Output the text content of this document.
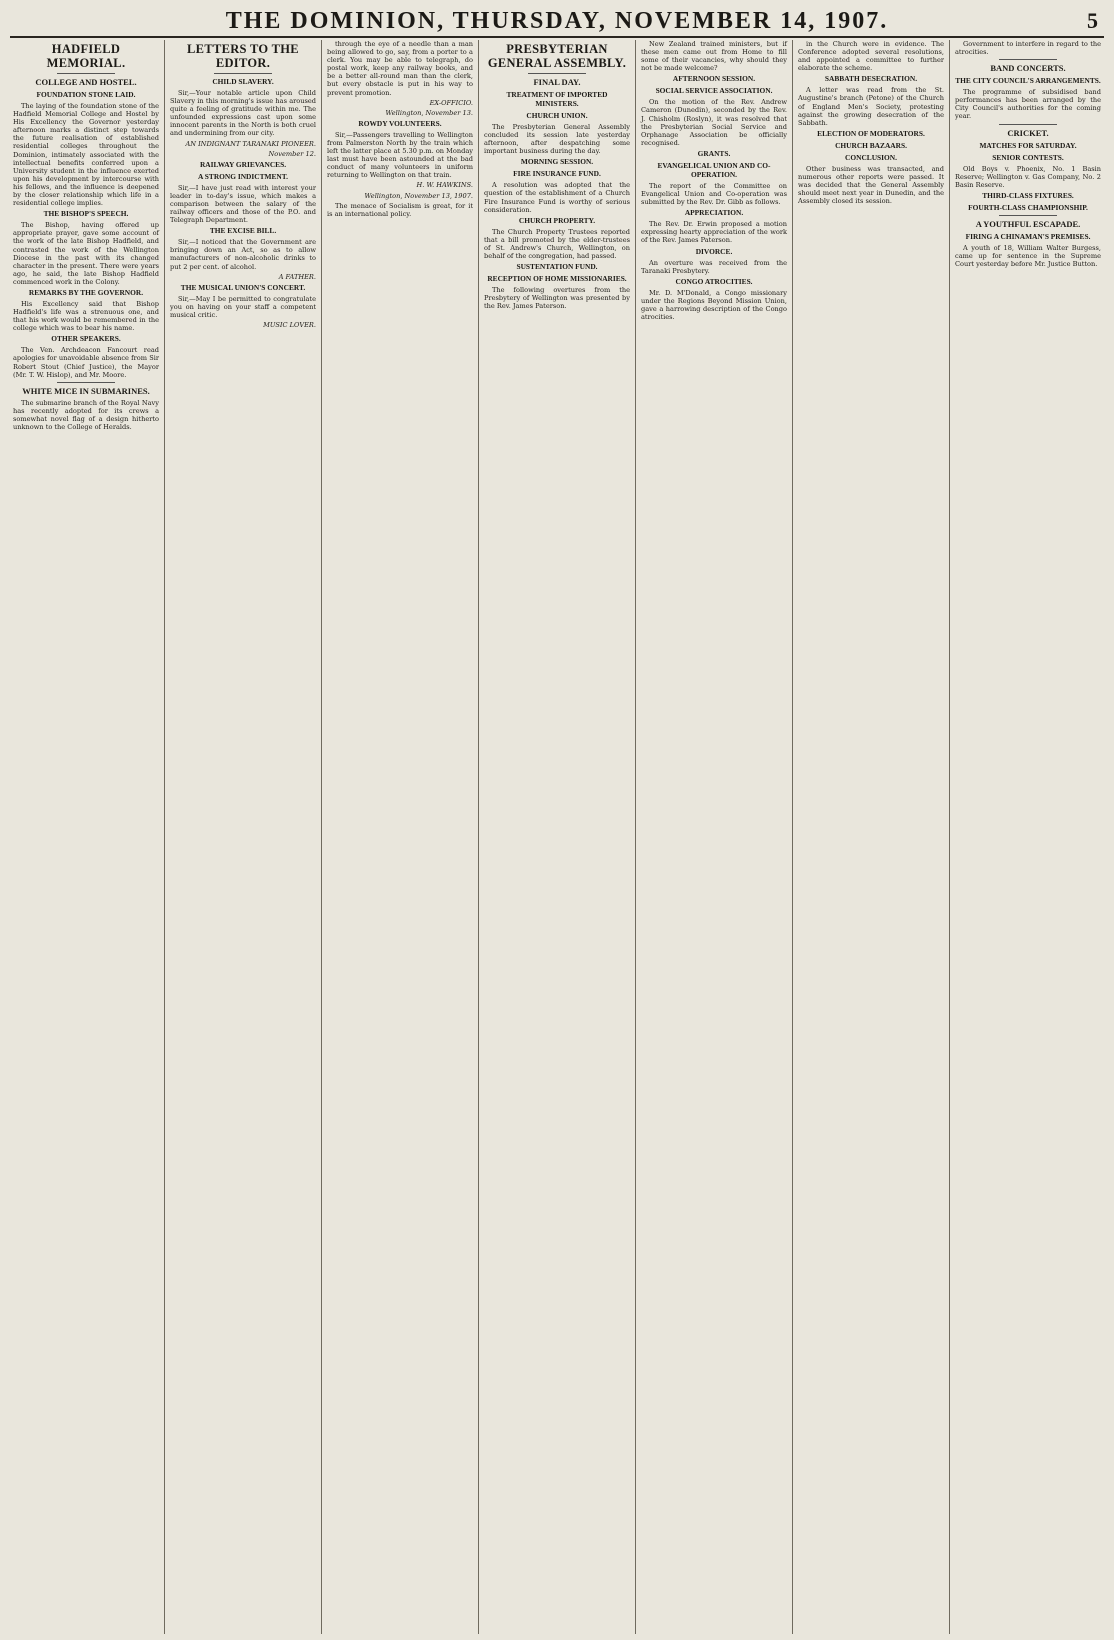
THE DOMINION, THURSDAY, NOVEMBER 14, 1907.	5
HADFIELD MEMORIAL.
COLLEGE AND HOSTEL.
FOUNDATION STONE LAID.

The laying of the foundation stone of the Hadfield Memorial College and Hostel by His Excellency the Governor yesterday afternoon marks a distinct step towards the future realisation of established residential colleges throughout the Dominion, intimately associated with the intellectual benefits conferred upon a University student in the influence exerted upon his development by intercourse with his fellows, and the influence is deepened by the closer relationship which life in a residential college implies.

THE BISHOP'S SPEECH.

The Bishop, having offered up appropriate prayer, gave some account of the work of the late Bishop Hadfield, and contrasted the work of the Wellington Diocese in the past with its changed character in the present. There were years ago, he said, the late Bishop Hadfield commenced work in the Colony.

REMARKS BY THE GOVERNOR.

His Excellency said that Bishop Hadfield's life was a strenuous one, and that his work would be remembered in the college which was to bear his name.

OTHER SPEAKERS.

The Ven. Archdeacon Fancourt read apologies for unavoidable absence from Sir Robert Stout (Chief Justice), the Mayor (Mr. T. W. Hislop), and Mr. Moore.

WHITE MICE IN SUBMARINES.

The submarine branch of the Royal Navy has recently adopted for its crews a somewhat novel flag of a design hitherto unknown to the College of Heralds.

LETTERS TO THE EDITOR.
CHILD SLAVERY.

Sir,—Your notable article upon Child Slavery in this morning's issue has aroused quite a feeling of gratitude within me. The unfounded expressions cast upon some innocent parents in the North is both cruel and undermining from our city.

AN INDIGNANT TARANAKI PIONEER.

November 12.

RAILWAY GRIEVANCES.
A STRONG INDICTMENT.

Sir,—I have just read with interest your leader in to-day's issue, which makes a comparison between the salary of the railway officers and those of the P.O. and Telegraph Department.

THE EXCISE BILL.

Sir,—I noticed that the Government are bringing down an Act, so as to allow manufacturers of non-alcoholic drinks to put 2 per cent. of alcohol.

A FATHER.

THE MUSICAL UNION'S CONCERT.

Sir,—May I be permitted to congratulate you on having on your staff a competent musical critic.

MUSIC LOVER.

through the eye of a needle than a man being allowed to go, say, from a porter to a clerk. You may be able to telegraph, do postal work, keep any railway books, and be a better all-round man than the clerk, but every obstacle is put in his way to prevent promotion.

EX-OFFICIO.

Wellington, November 13.

ROWDY VOLUNTEERS.

Sir,—Passengers travelling to Wellington from Palmerston North by the train which left the latter place at 5.30 p.m. on Monday last must have been astounded at the bad conduct of many volunteers in uniform returning to Wellington on that train.

H. W. HAWKINS.

Wellington, November 13, 1907.

The menace of Socialism is great, for it is an international policy.

PRESBYTERIAN GENERAL ASSEMBLY.
FINAL DAY.
TREATMENT OF IMPORTED MINISTERS.
CHURCH UNION.

The Presbyterian General Assembly concluded its session late yesterday afternoon, after despatching some important business during the day.

MORNING SESSION.
FIRE INSURANCE FUND.

A resolution was adopted that the question of the establishment of a Church Fire Insurance Fund is worthy of serious consideration.

CHURCH PROPERTY.

The Church Property Trustees reported that a bill promoted by the elder-trustees of St. Andrew's Church, Wellington, on behalf of the congregation, had passed.

SUSTENTATION FUND.
RECEPTION OF HOME MISSIONARIES.

The following overtures from the Presbytery of Wellington was presented by the Rev. James Paterson.

New Zealand trained ministers, but if these men came out from Home to fill some of their vacancies, why should they not be made welcome?

AFTERNOON SESSION.
SOCIAL SERVICE ASSOCIATION.

On the motion of the Rev. Andrew Cameron (Dunedin), seconded by the Rev. J. Chisholm (Roslyn), it was resolved that the Presbyterian Social Service and Orphanage Association be officially recognised.

GRANTS.
EVANGELICAL UNION AND CO-OPERATION.

The report of the Committee on Evangelical Union and Co-operation was submitted by the Rev. Dr. Gibb as follows.

APPRECIATION.

The Rev. Dr. Erwin proposed a motion expressing hearty appreciation of the work of the Rev. James Paterson.

DIVORCE.

An overture was received from the Taranaki Presbytery.

CONGO ATROCITIES.

Mr. D. M'Donald, a Congo missionary under the Regions Beyond Mission Union, gave a harrowing description of the Congo atrocities.

in the Church were in evidence. The Conference adopted several resolutions, and appointed a committee to further elaborate the scheme.

SABBATH DESECRATION.

A letter was read from the St. Augustine's branch (Petone) of the Church of England Men's Society, protesting against the growing desecration of the Sabbath.

ELECTION OF MODERATORS.
CHURCH BAZAARS.
CONCLUSION.

Other business was transacted, and numerous other reports were passed. It was decided that the General Assembly should meet next year in Dunedin, and the Assembly closed its session.

Government to interfere in regard to the atrocities.

BAND CONCERTS.
THE CITY COUNCIL'S ARRANGEMENTS.

The programme of subsidised band performances has been arranged by the City Council's authorities for the coming year.

CRICKET.
MATCHES FOR SATURDAY.
SENIOR CONTESTS.

Old Boys v. Phoenix, No. 1 Basin Reserve; Wellington v. Gas Company, No. 2 Basin Reserve.

THIRD-CLASS FIXTURES.
FOURTH-CLASS CHAMPIONSHIP.
A YOUTHFUL ESCAPADE.
FIRING A CHINAMAN'S PREMISES.

A youth of 18, William Walter Burgess, came up for sentence in the Supreme Court yesterday before Mr. Justice Button.
